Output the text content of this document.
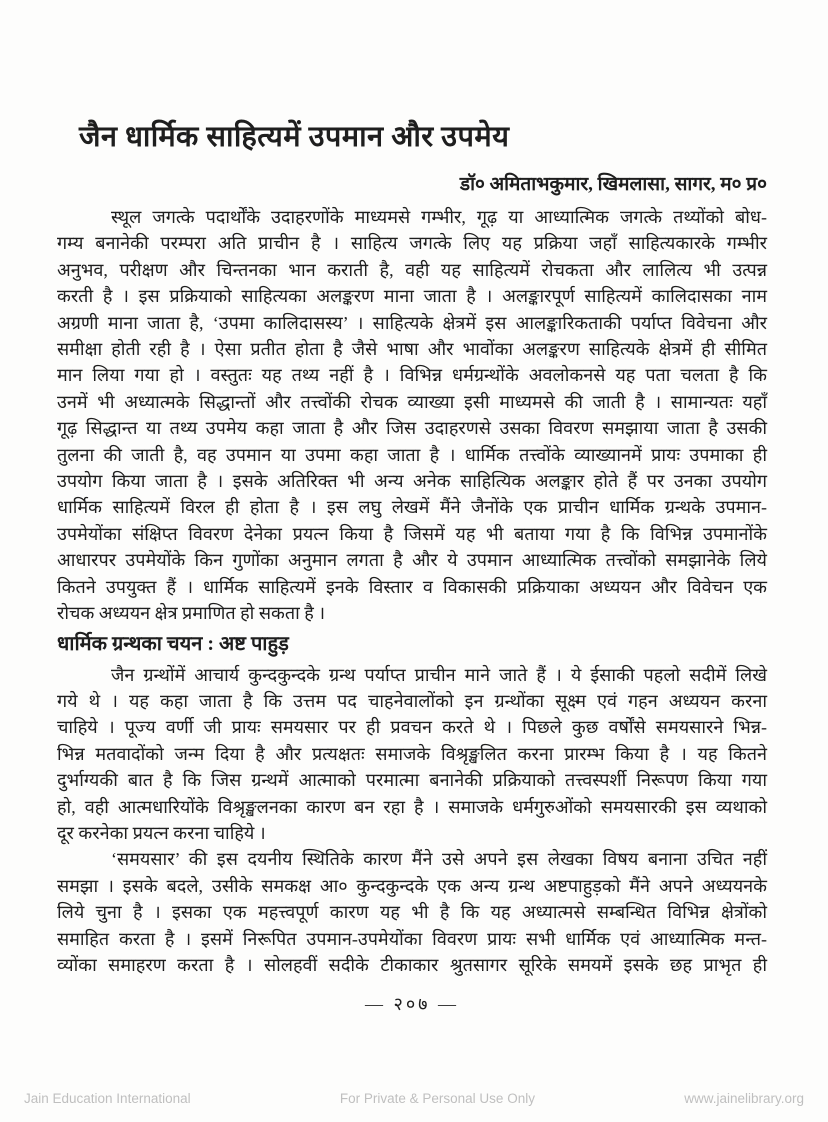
जैन धार्मिक साहित्यमें उपमान और उपमेय
डॉ० अमिताभकुमार, खिमलासा, सागर, म० प्र०
स्थूल जगत्के पदार्थोंके उदाहरणोंके माध्यमसे गम्भीर, गूढ़ या आध्यात्मिक जगत्के तथ्योंको बोध-
गम्य बनानेकी परम्परा अति प्राचीन है । साहित्य जगत्के लिए यह प्रक्रिया जहाँ साहित्यकारके गम्भीर
अनुभव, परीक्षण और चिन्तनका भान कराती है, वही यह साहित्यमें रोचकता और लालित्य भी उत्पन्न
करती है । इस प्रक्रियाको साहित्यका अलङ्करण माना जाता है । अलङ्कारपूर्ण साहित्यमें कालिदासका नाम
अग्रणी माना जाता है, ‘उपमा कालिदासस्य’ । साहित्यके क्षेत्रमें इस आलङ्कारिकताकी पर्याप्त विवेचना और
समीक्षा होती रही है । ऐसा प्रतीत होता है जैसे भाषा और भावोंका अलङ्करण साहित्यके क्षेत्रमें ही सीमित
मान लिया गया हो । वस्तुतः यह तथ्य नहीं है । विभिन्न धर्मग्रन्थोंके अवलोकनसे यह पता चलता है कि
उनमें भी अध्यात्मके सिद्धान्तों और तत्त्वोंकी रोचक व्याख्या इसी माध्यमसे की जाती है । सामान्यतः यहाँ
गूढ़ सिद्धान्त या तथ्य उपमेय कहा जाता है और जिस उदाहरणसे उसका विवरण समझाया जाता है उसकी
तुलना की जाती है, वह उपमान या उपमा कहा जाता है । धार्मिक तत्त्वोंके व्याख्यानमें प्रायः उपमाका ही
उपयोग किया जाता है । इसके अतिरिक्त भी अन्य अनेक साहित्यिक अलङ्कार होते हैं पर उनका उपयोग
धार्मिक साहित्यमें विरल ही होता है । इस लघु लेखमें मैंने जैनोंके एक प्राचीन धार्मिक ग्रन्थके उपमान-
उपमेयोंका संक्षिप्त विवरण देनेका प्रयत्न किया है जिसमें यह भी बताया गया है कि विभिन्न उपमानोंके
आधारपर उपमेयोंके किन गुणोंका अनुमान लगता है और ये उपमान आध्यात्मिक तत्त्वोंको समझानेके लिये
कितने उपयुक्त हैं । धार्मिक साहित्यमें इनके विस्तार व विकासकी प्रक्रियाका अध्ययन और विवेचन एक
रोचक अध्ययन क्षेत्र प्रमाणित हो सकता है ।
धार्मिक ग्रन्थका चयन : अष्ट पाहुड़
जैन ग्रन्थोंमें आचार्य कुन्दकुन्दके ग्रन्थ पर्याप्त प्राचीन माने जाते हैं । ये ईसाकी पहलो सदीमें लिखे
गये थे । यह कहा जाता है कि उत्तम पद चाहनेवालोंको इन ग्रन्थोंका सूक्ष्म एवं गहन अध्ययन करना
चाहिये । पूज्य वर्णी जी प्रायः समयसार पर ही प्रवचन करते थे । पिछले कुछ वर्षोंसे समयसारने भिन्न-
भिन्न मतवादोंको जन्म दिया है और प्रत्यक्षतः समाजके विश्रृङ्खलित करना प्रारम्भ किया है । यह कितने
दुर्भाग्यकी बात है कि जिस ग्रन्थमें आत्माको परमात्मा बनानेकी प्रक्रियाको तत्त्वस्पर्शी निरूपण किया गया
हो, वही आत्मधारियोंके विश्रृङ्खलनका कारण बन रहा है । समाजके धर्मगुरुओंको समयसारकी इस व्यथाको
दूर करनेका प्रयत्न करना चाहिये ।
‘समयसार’ की इस दयनीय स्थितिके कारण मैंने उसे अपने इस लेखका विषय बनाना उचित नहीं
समझा । इसके बदले, उसीके समकक्ष आ० कुन्दकुन्दके एक अन्य ग्रन्थ अष्टपाहुड़को मैंने अपने अध्ययनके
लिये चुना है । इसका एक महत्त्वपूर्ण कारण यह भी है कि यह अध्यात्मसे सम्बन्धित विभिन्न क्षेत्रोंको
समाहित करता है । इसमें निरूपित उपमान-उपमेयोंका विवरण प्रायः सभी धार्मिक एवं आध्यात्मिक मन्त-
व्योंका समाहरण करता है । सोलहवीं सदीके टीकाकार श्रुतसागर सूरिके समयमें इसके छह प्राभृत ही
— २०७ —
Jain Education International	For Private & Personal Use Only	www.jainelibrary.org
